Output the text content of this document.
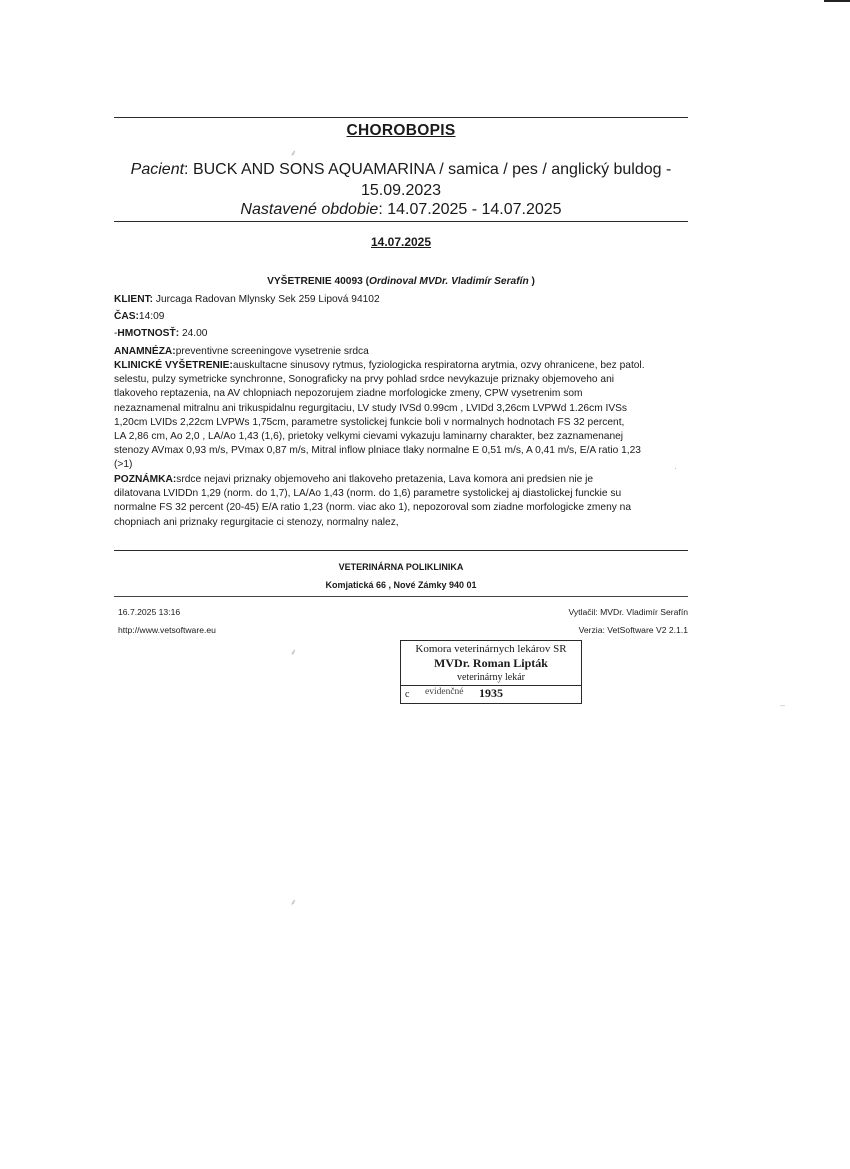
CHOROBOPIS
⸙
Pacient: BUCK AND SONS AQUAMARINA / samica / pes / anglický buldog - 15.09.2023
Nastavené obdobie: 14.07.2025 - 14.07.2025
14.07.2025
VYŠETRENIE 40093 (Ordinoval MVDr. Vladimír Serafín )
KLIENT: Jurcaga Radovan Mlynsky Sek 259 Lipová 94102
ČAS:14:09
-HMOTNOSŤ: 24.00
ANAMNÉZA:preventivne screeningove vysetrenie srdca
KLINICKÉ VYŠETRENIE:auskultacne sinusovy rytmus, fyziologicka respiratorna arytmia, ozvy ohranicene, bez patol.
selestu, pulzy symetricke synchronne, Sonograficky na prvy pohlad srdce nevykazuje priznaky objemoveho ani
tlakoveho reptazenia, na AV chlopniach nepozorujem ziadne morfologicke zmeny, CPW vysetrenim som
nezaznamenal mitralnu ani trikuspidalnu regurgitaciu, LV study IVSd 0.99cm , LVIDd 3,26cm LVPWd 1.26cm IVSs
1,20cm LVIDs 2,22cm LVPWs 1,75cm, parametre systolickej funkcie boli v normalnych hodnotach FS 32 percent,
LA 2,86 cm, Ao 2,0 , LA/Ao 1,43 (1,6), prietoky velkymi cievami vykazuju laminarny charakter, bez zaznamenanej
stenozy AVmax 0,93 m/s, PVmax 0,87 m/s, Mitral inflow plniace tlaky normalne E 0,51 m/s, A 0,41 m/s, E/A ratio 1,23
(>1)
POZNÁMKA:srdce nejavi priznaky objemoveho ani tlakoveho pretazenia, Lava komora ani predsien nie je
dilatovana LVIDDn 1,29 (norm. do 1,7), LA/Ao 1,43 (norm. do 1,6) parametre systolickej aj diastolickej funckie su
normalne FS 32 percent (20-45) E/A ratio 1,23 (norm. viac ako 1), nepozoroval som ziadne morfologicke zmeny na
chopniach ani priznaky regurgitacie ci stenozy, normalny nalez,
VETERINÁRNA POLIKLINIKA
Komjatická 66 , Nové Zámky 940 01
16.7.2025 13:16
http://www.vetsoftware.eu
Vytlačil: MVDr. Vladimír Serafín
Verzia: VetSoftware V2 2.1.1
⸙	Komora veterinárnych lekárov SR
MVDr. Roman Lipták
veterinárny lekár
c evidenčné 1935
⸙
–
·
